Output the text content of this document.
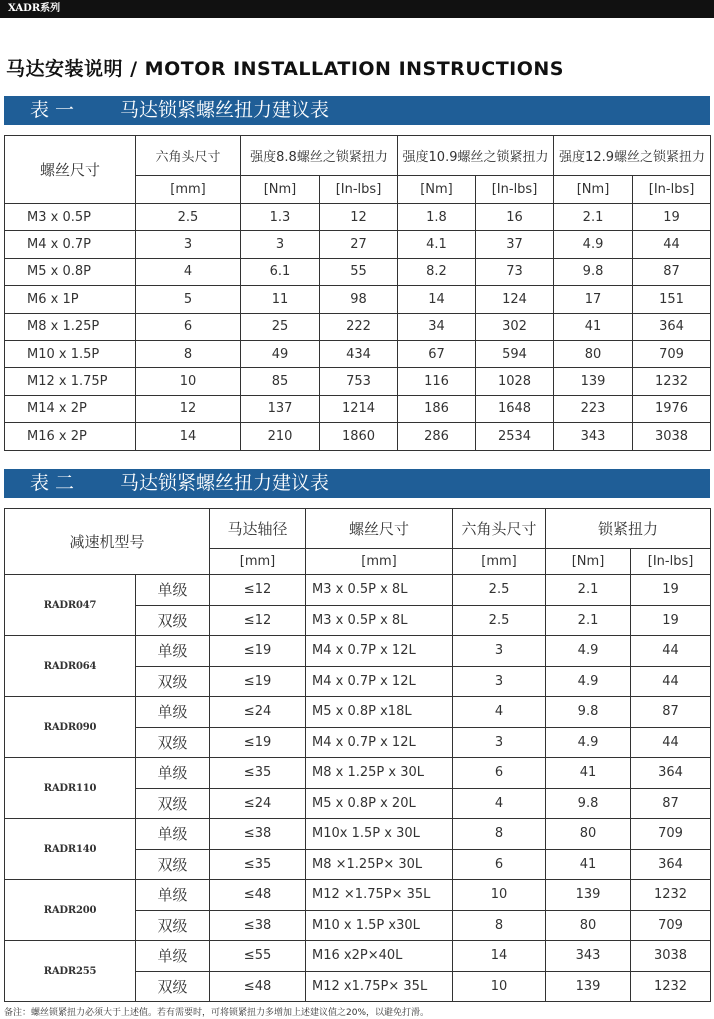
XADR系列
马达安装说明 / MOTOR INSTALLATION INSTRUCTIONS
表 一 马达锁紧螺丝扭力建议表
螺丝尺寸	六角头尺寸	强度8.8螺丝之锁紧扭力		强度10.9螺丝之锁紧扭力		强度12.9螺丝之锁紧扭力	
	[mm]	[Nm]	[In-lbs]	[Nm]	[In-lbs]	[Nm]	[In-lbs]
M3 x 0.5P	2.5	1.3	12	1.8	16	2.1	19
M4 x 0.7P	3	3	27	4.1	37	4.9	44
M5 x 0.8P	4	6.1	55	8.2	73	9.8	87
M6 x 1P	5	11	98	14	124	17	151
M8 x 1.25P	6	25	222	34	302	41	364
M10 x 1.5P	8	49	434	67	594	80	709
M12 x 1.75P	10	85	753	116	1028	139	1232
M14 x 2P	12	137	1214	186	1648	223	1976
M16 x 2P	14	210	1860	286	2534	343	3038
表 二 马达锁紧螺丝扭力建议表
减速机型号		马达轴径	螺丝尺寸	六角头尺寸	锁紧扭力	
		[mm]	[mm]	[mm]	[Nm]	[In-lbs]
RADR047	单级	≤12	M3 x 0.5P x 8L	2.5	2.1	19
	双级	≤12	M3 x 0.5P x 8L	2.5	2.1	19
RADR064	单级	≤19	M4 x 0.7P x 12L	3	4.9	44
	双级	≤19	M4 x 0.7P x 12L	3	4.9	44
RADR090	单级	≤24	M5 x 0.8P x18L	4	9.8	87
	双级	≤19	M4 x 0.7P x 12L	3	4.9	44
RADR110	单级	≤35	M8 x 1.25P x 30L	6	41	364
	双级	≤24	M5 x 0.8P x 20L	4	9.8	87
RADR140	单级	≤38	M10x 1.5P x 30L	8	80	709
	双级	≤35	M8 ×1.25P× 30L	6	41	364
RADR200	单级	≤48	M12 ×1.75P× 35L	10	139	1232
	双级	≤38	M10 x 1.5P x30L	8	80	709
RADR255	单级	≤55	M16 x2P×40L	14	343	3038
	双级	≤48	M12 x1.75P× 35L	10	139	1232
备注：螺丝锁紧扭力必须大于上述值。若有需要时，可将锁紧扭力多增加上述建议值之20%，以避免打滑。
